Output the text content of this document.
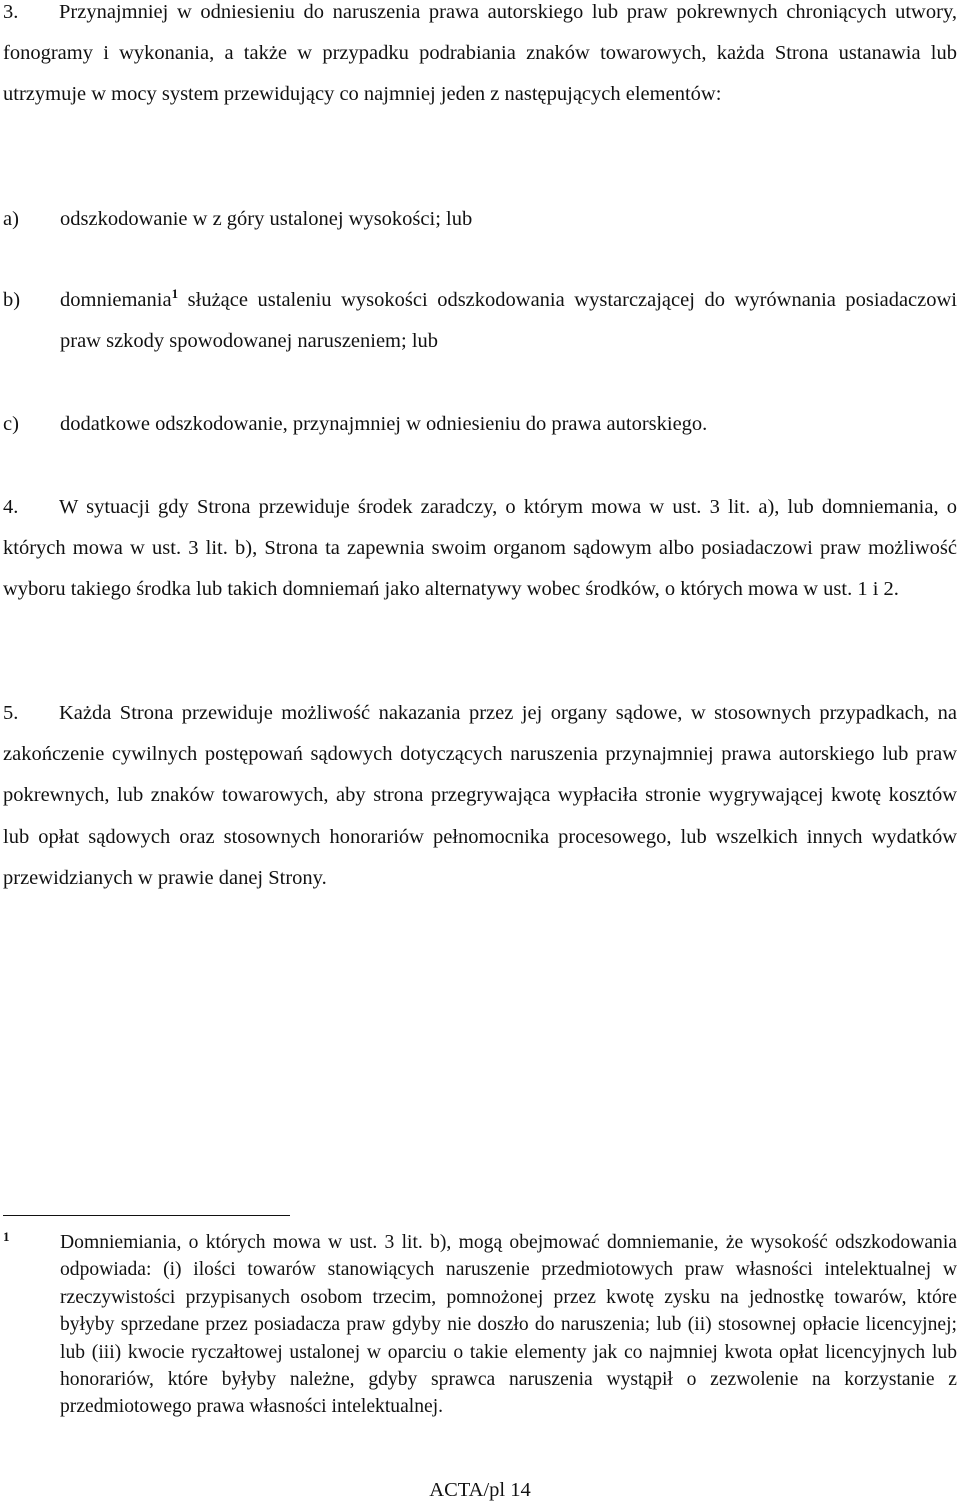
3. Przynajmniej w odniesieniu do naruszenia prawa autorskiego lub praw pokrewnych chroniących utwory, fonogramy i wykonania, a także w przypadku podrabiania znaków towarowych, każda Strona ustanawia lub utrzymuje w mocy system przewidujący co najmniej jeden z następujących elementów:

a) odszkodowanie w z góry ustalonej wysokości; lub
b) domniemania$^1$ służące ustaleniu wysokości odszkodowania wystarczającej do wyrównania posiadaczowi praw szkody spowodowanej naruszeniem; lub
c) dodatkowe odszkodowanie, przynajmniej w odniesieniu do prawa autorskiego.

4. W sytuacji gdy Strona przewiduje środek zaradczy, o którym mowa w ust. 3 lit. a), lub domniemania, o których mowa w ust. 3 lit. b), Strona ta zapewnia swoim organom sądowym albo posiadaczowi praw możliwość wyboru takiego środka lub takich domniemań jako alternatywy wobec środków, o których mowa w ust. 1 i 2.

5. Każda Strona przewiduje możliwość nakazania przez jej organy sądowe, w stosownych przypadkach, na zakończenie cywilnych postępowań sądowych dotyczących naruszenia przynajmniej prawa autorskiego lub praw pokrewnych, lub znaków towarowych, aby strona przegrywająca wypłaciła stronie wygrywającej kwotę kosztów lub opłat sądowych oraz stosownych honorariów pełnomocnika procesowego, lub wszelkich innych wydatków przewidzianych w prawie danej Strony.

1	Domniemiania, o których mowa w ust. 3 lit. b), mogą obejmować domniemanie, że wysokość odszkodowania odpowiada: (i) ilości towarów stanowiących naruszenie przedmiotowych praw własności intelektualnej w rzeczywistości przypisanych osobom trzecim, pomnożonej przez kwotę zysku na jednostkę towarów, które byłyby sprzedane przez posiadacza praw gdyby nie doszło do naruszenia; lub (ii) stosownej opłacie licencyjnej; lub (iii) kwocie ryczałtowej ustalonej w oparciu o takie elementy jak co najmniej kwota opłat licencyjnych lub honorariów, które byłyby należne, gdyby sprawca naruszenia wystąpił o zezwolenie na korzystanie z przedmiotowego prawa własności intelektualnej.

ACTA/pl 14
